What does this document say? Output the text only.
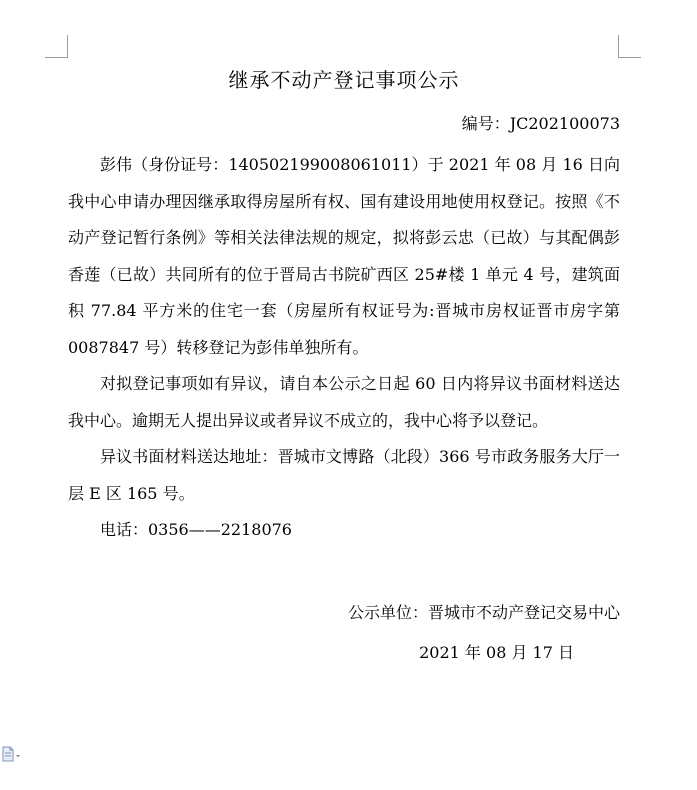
继承不动产登记事项公示
编号：JC202100073

彭伟（身份证号：140502199008061011）于 2021 年 08 月 16 日向我中心申请办理因继承取得房屋所有权、国有建设用地使用权登记。按照《不动产登记暂行条例》等相关法律法规的规定，拟将彭云忠（已故）与其配偶彭香莲（已故）共同所有的位于晋局古书院矿西区 25#楼 1 单元 4 号，建筑面积 77.84 平方米的住宅一套（房屋所有权证号为:晋城市房权证晋市房字第 0087847 号）转移登记为彭伟单独所有。

对拟登记事项如有异议，请自本公示之日起 60 日内将异议书面材料送达我中心。逾期无人提出异议或者异议不成立的，我中心将予以登记。

异议书面材料送达地址：晋城市文博路（北段）366 号市政务服务大厅一层 E 区 165 号。

电话：0356——2218076

公示单位：晋城市不动产登记交易中心
2021 年 08 月 17 日
